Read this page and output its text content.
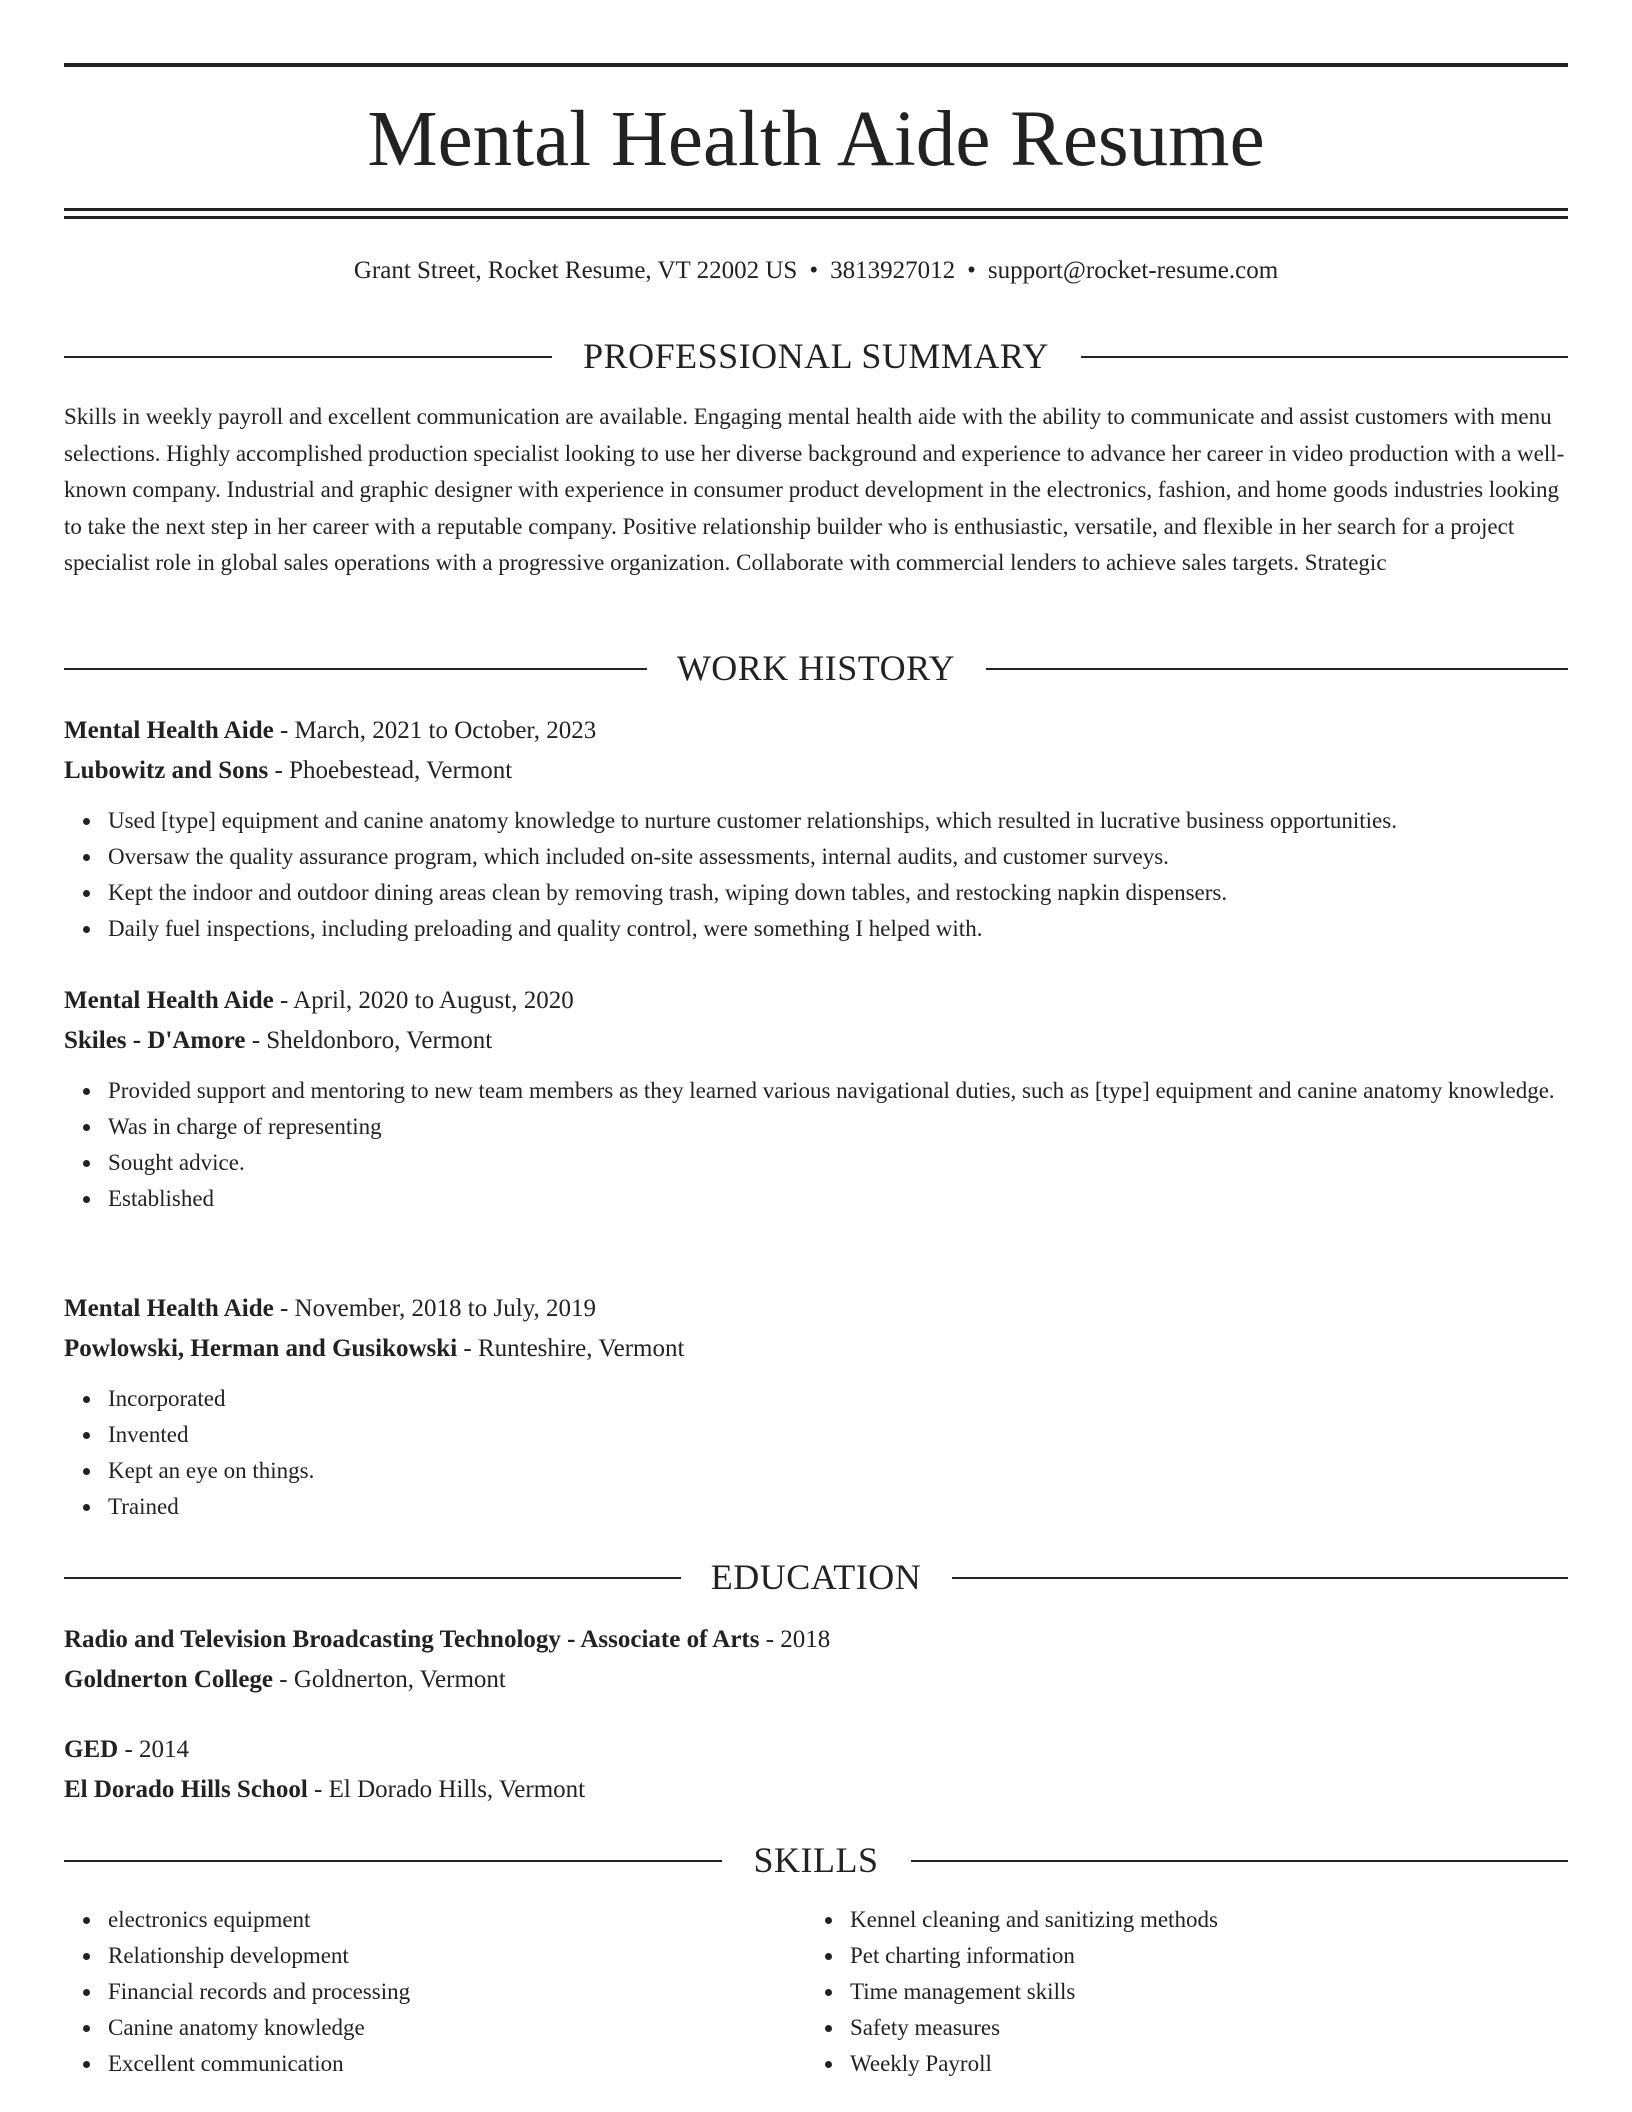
Mental Health Aide Resume
Grant Street, Rocket Resume, VT 22002 US • 3813927012 • support@rocket-resume.com
PROFESSIONAL SUMMARY

Skills in weekly payroll and excellent communication are available. Engaging mental health aide with the ability to communicate and assist customers with menu selections. Highly accomplished production specialist looking to use her diverse background and experience to advance her career in video production with a well-known company. Industrial and graphic designer with experience in consumer product development in the electronics, fashion, and home goods industries looking to take the next step in her career with a reputable company. Positive relationship builder who is enthusiastic, versatile, and flexible in her search for a project specialist role in global sales operations with a progressive organization. Collaborate with commercial lenders to achieve sales targets. Strategic

WORK HISTORY
Mental Health Aide - March, 2021 to October, 2023
Lubowitz and Sons - Phoebestead, Vermont
Used [type] equipment and canine anatomy knowledge to nurture customer relationships, which resulted in lucrative business opportunities.
Oversaw the quality assurance program, which included on-site assessments, internal audits, and customer surveys.
Kept the indoor and outdoor dining areas clean by removing trash, wiping down tables, and restocking napkin dispensers.
Daily fuel inspections, including preloading and quality control, were something I helped with.
Mental Health Aide - April, 2020 to August, 2020
Skiles - D'Amore - Sheldonboro, Vermont
Provided support and mentoring to new team members as they learned various navigational duties, such as [type] equipment and canine anatomy knowledge.
Was in charge of representing
Sought advice.
Established
Mental Health Aide - November, 2018 to July, 2019
Powlowski, Herman and Gusikowski - Runteshire, Vermont
Incorporated
Invented
Kept an eye on things.
Trained
EDUCATION
Radio and Television Broadcasting Technology - Associate of Arts - 2018
Goldnerton College - Goldnerton, Vermont
GED - 2014
El Dorado Hills School - El Dorado Hills, Vermont
SKILLS
electronics equipment
Relationship development
Financial records and processing
Canine anatomy knowledge
Excellent communication
Kennel cleaning and sanitizing methods
Pet charting information
Time management skills
Safety measures
Weekly Payroll
